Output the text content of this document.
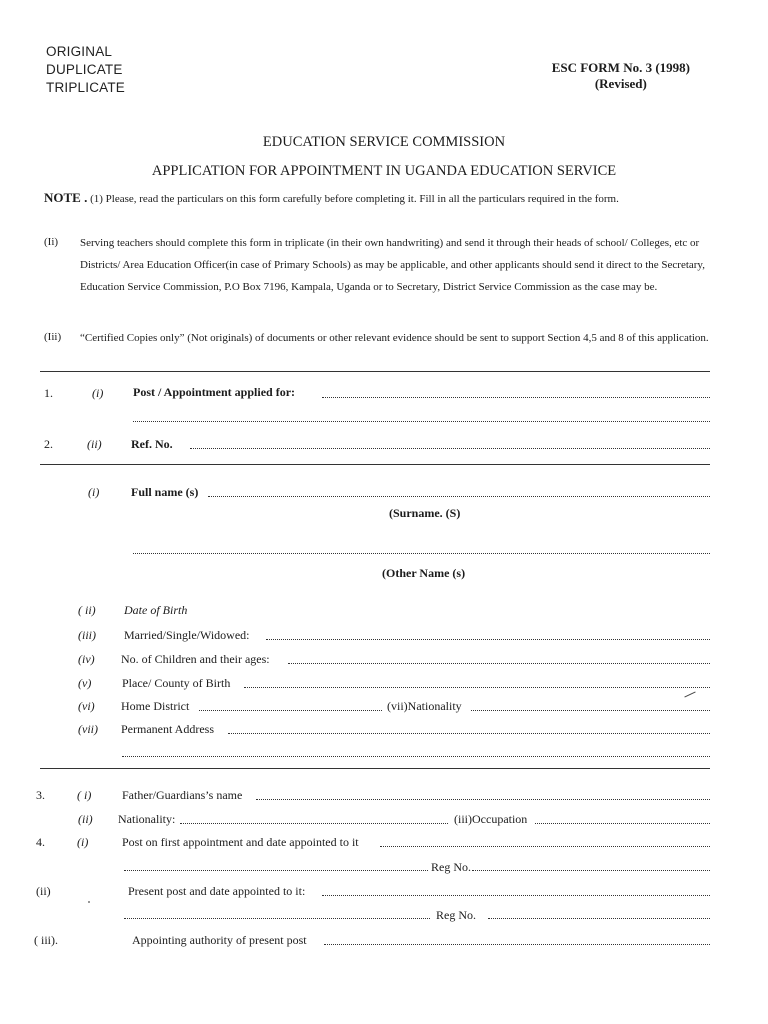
ORIGINAL
DUPLICATE
TRIPLICATE
ESC FORM No. 3 (1998)
(Revised)
EDUCATION SERVICE COMMISSION
APPLICATION FOR APPOINTMENT IN UGANDA EDUCATION SERVICE
NOTE . (1) Please, read the particulars on this form carefully before completing it. Fill in all the particulars required in the form.
(Ii) Serving teachers should complete this form in triplicate (in their own handwriting) and send it through their heads of school/ Colleges, etc or Districts/ Area Education Officer(in case of Primary Schools) as may be applicable, and other applicants should send it direct to the Secretary, Education Service Commission, P.O Box 7196, Kampala, Uganda or to Secretary, District Service Commission as the case may be.
(Iii) “Certified Copies only” (Not originals) of documents or other relevant evidence should be sent to support Section 4,5 and 8 of this application.
1.	(i) Post / Appointment applied for:
2.	(ii) Ref. No.
(i)	Full name (s)
(Surname. (S)
(Other Name (s)
( ii) Date of Birth
(iii) Married/Single/Widowed:
(iv) No. of Children and their ages:
(v)	Place/ County of Birth
(vi) Home District	(vii)Nationality
(vii) Permanent Address
3.	( i)	Father/Guardians’s name
(ii) Nationality:	(iii)Occupation
4.	(i)	Post on first appointment and date appointed to it
Reg No.
(ii)	Present post and date appointed to it:
Reg No.
( iii).	Appointing authority of present post
